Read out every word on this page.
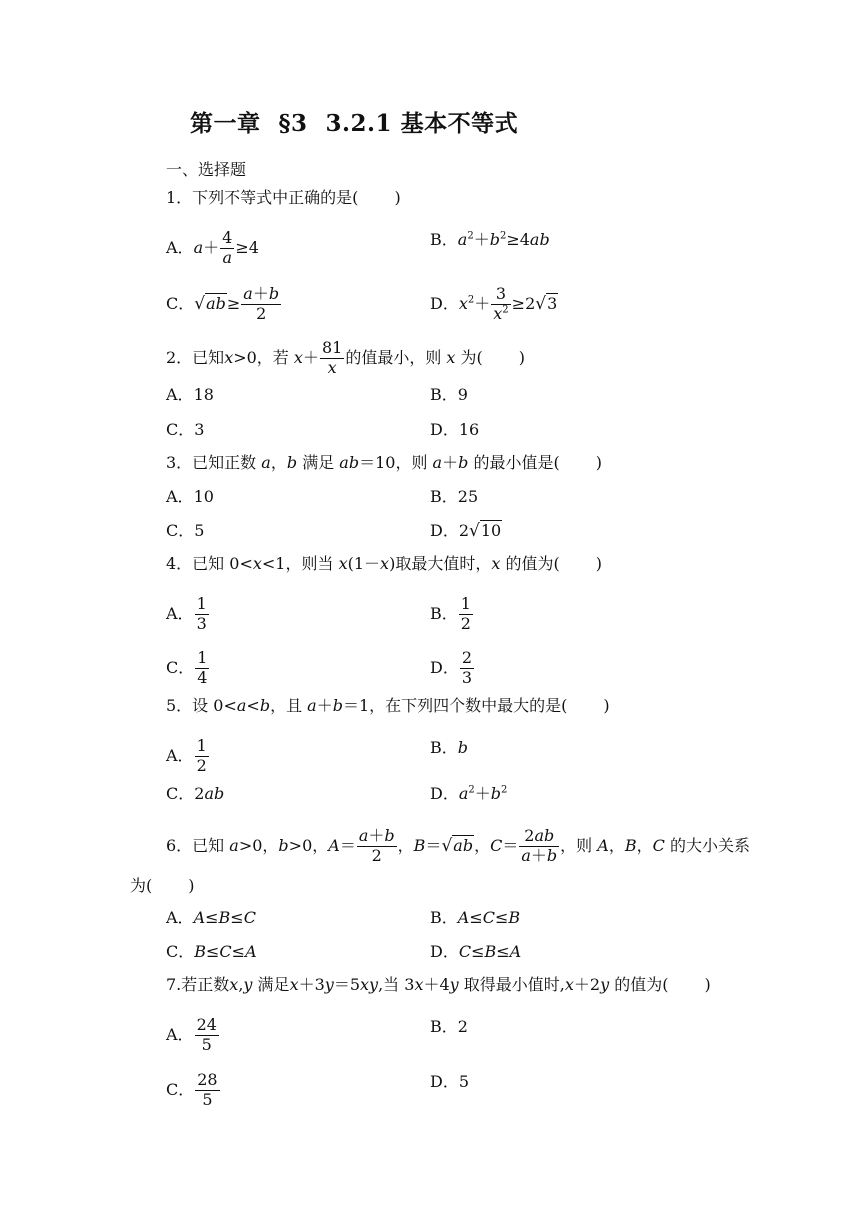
第一章 §3 3.2.1 基本不等式
一、选择题
1．下列不等式中正确的是( )
A．$a+ \frac{4}{a} \ge 4$	B．$a^2+b^2\ge 4ab$
C．$√ab\ge \frac{a+b}{2}$	D．$x^2+ \frac{3}{x^2} \ge 2√3$
2．已知x>0，若 $x+ \frac{81}{x}$ 的值最小，则 x 为( )
A．18	B．9
C．3	D．16
3．已知正数 a，b 满足 ab＝10，则 a＋b 的最小值是( )
A．10	B．25
C．5	D．2√10
4．已知 0<x<1，则当 x(1－x)取最大值时，x 的值为( )
A． $\frac{1}{3}$	B． $\frac{1}{2}$
C． $\frac{1}{4}$	D． $\frac{2}{3}$
5．设 0<a<b，且 a＋b＝1，在下列四个数中最大的是( )
A． $\frac{1}{2}$	B．b
C．2ab	D．$a^2+b^2$
6．已知 a>0，b>0，$A= \frac{a+b}{2}$ ，B＝√ab，$C= \frac{2ab}{a+b}$ ，则 A，B，C 的大小关系
为( )
A．A≤B≤C	B．A≤C≤B
C．B≤C≤A	D．C≤B≤A
7.若正数x,y 满足x＋3y＝5xy,当 3x＋4y 取得最小值时,x＋2y 的值为( )
A． $\frac{24}{5}$	B．2
C． $\frac{28}{5}$	D．5
